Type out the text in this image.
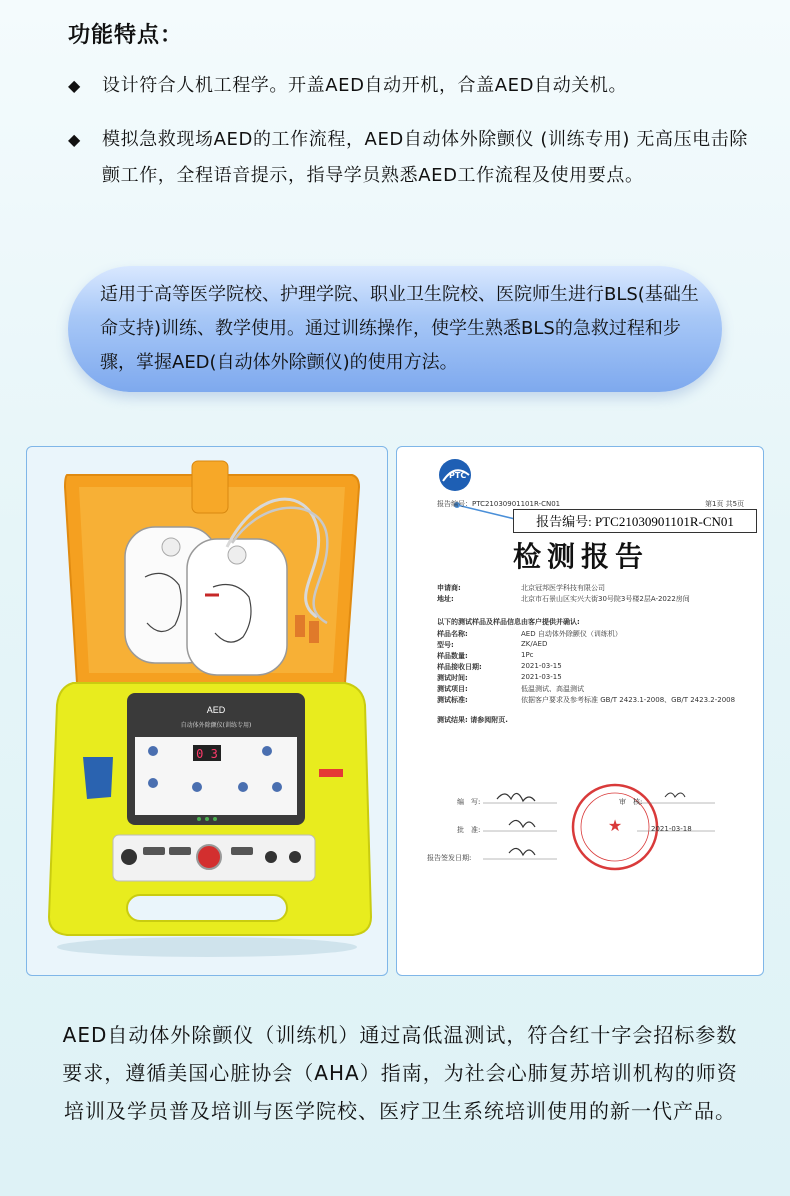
功能特点：
◆	设计符合人机工程学。开盖AED自动开机，合盖AED自动关机。
◆	模拟急救现场AED的工作流程，AED自动体外除颤仪 (训练专用) 无高压电击除颤工作，全程语音提示，指导学员熟悉AED工作流程及使用要点。
适用于高等医学院校、护理学院、职业卫生院校、医院师生进行BLS(基础生命支持)训练、教学使用。通过训练操作，使学生熟悉BLS的急救过程和步骤，掌握AED(自动体外除颤仪)的使用方法。
AED
自动体外除颤仪(训练专用)
0 3
★
PTC
报告编号：PTC21030901101R-CN01	第1页 共5页
报告编号: PTC21030901101R-CN01
检测报告
申请商:	北京冠邦医学科技有限公司
地址:	北京市石景山区实兴大街30号院3号楼2层A-2022房间
以下的测试样品及样品信息由客户提供并确认:
样品名称:	AED 自动体外除颤仪（训练机）
型号:	ZK/AED
样品数量:	1Pc
样品接收日期:	2021-03-15
测试时间:	2021-03-15
测试项目:	低温测试、高温测试
测试标准:	依据客户要求及参考标准 GB/T 2423.1-2008、GB/T 2423.2-2008
测试结果: 请参阅附页.
编　写:	审　核:
批　准:	2021-03-18
报告签发日期:
AED自动体外除颤仪（训练机）通过高低温测试，符合红十字会招标参数要求，遵循美国心脏协会（AHA）指南，为社会心肺复苏培训机构的师资培训及学员普及培训与医学院校、医疗卫生系统培训使用的新一代产品。
